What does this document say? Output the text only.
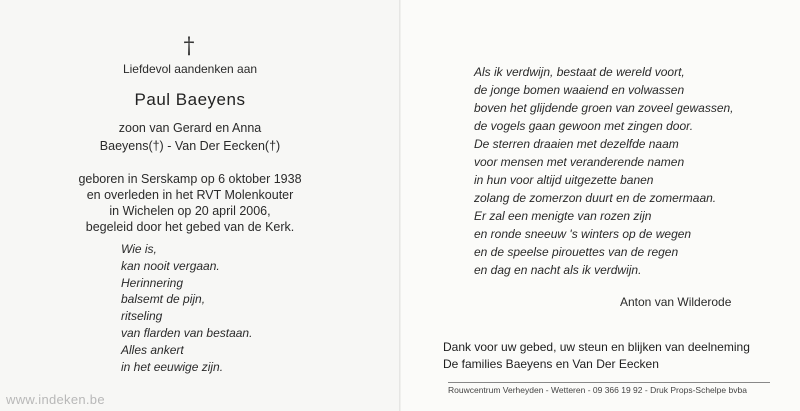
†
Liefdevol aandenken aan
Paul Baeyens
zoon van Gerard en Anna
Baeyens(†) - Van Der Eecken(†)
geboren in Serskamp op 6 oktober 1938
en overleden in het RVT Molenkouter
in Wichelen op 20 april 2006,
begeleid door het gebed van de Kerk.
Wie is,
kan nooit vergaan.
Herinnering
balsemt de pijn,
ritseling
van flarden van bestaan.
Alles ankert
in het eeuwige zijn.
Als ik verdwijn, bestaat de wereld voort,
de jonge bomen waaiend en volwassen
boven het glijdende groen van zoveel gewassen,
de vogels gaan gewoon met zingen door.
De sterren draaien met dezelfde naam
voor mensen met veranderende namen
in hun voor altijd uitgezette banen
zolang de zomerzon duurt en de zomermaan.
Er zal een menigte van rozen zijn
en ronde sneeuw 's winters op de wegen
en de speelse pirouettes van de regen
en dag en nacht als ik verdwijn.
Anton van Wilderode
Dank voor uw gebed, uw steun en blijken van deelneming
De families Baeyens en Van Der Eecken
Rouwcentrum Verheyden - Wetteren - 09 366 19 92 - Druk Props-Schelpe bvba
www.indeken.be
